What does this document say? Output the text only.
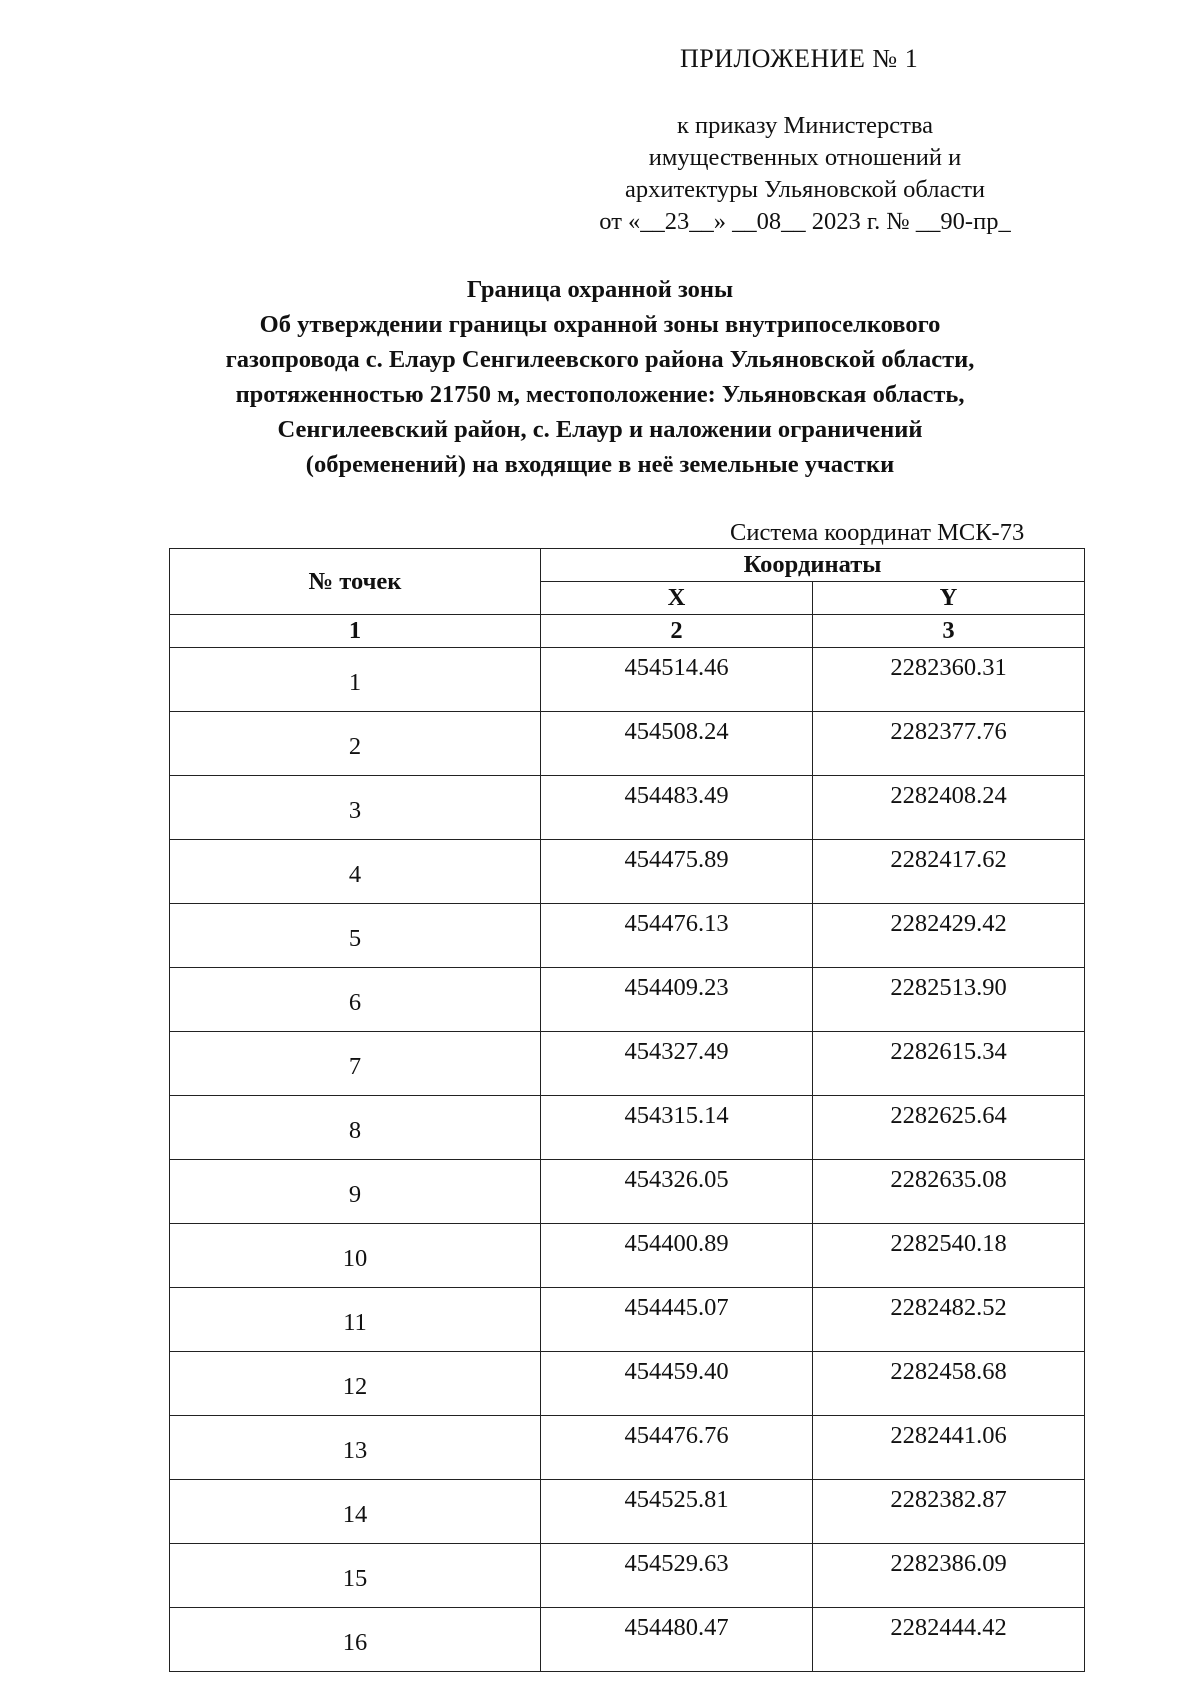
ПРИЛОЖЕНИЕ № 1
к приказу Министерства
имущественных отношений и
архитектуры Ульяновской области
от «__23__» __08__ 2023 г. № __90-пр_
Граница охранной зоны
Об утверждении границы охранной зоны внутрипоселкового
газопровода с. Елаур Сенгилеевского района Ульяновской области,
протяженностью 21750 м, местоположение: Ульяновская область,
Сенгилеевский район, с. Елаур и наложении ограничений
(обременений) на входящие в неё земельные участки
Система координат МСК-73
№ точек	Координаты	
	X	Y
1	2	3
1	454514.46	2282360.31
2	454508.24	2282377.76
3	454483.49	2282408.24
4	454475.89	2282417.62
5	454476.13	2282429.42
6	454409.23	2282513.90
7	454327.49	2282615.34
8	454315.14	2282625.64
9	454326.05	2282635.08
10	454400.89	2282540.18
11	454445.07	2282482.52
12	454459.40	2282458.68
13	454476.76	2282441.06
14	454525.81	2282382.87
15	454529.63	2282386.09
16	454480.47	2282444.42
